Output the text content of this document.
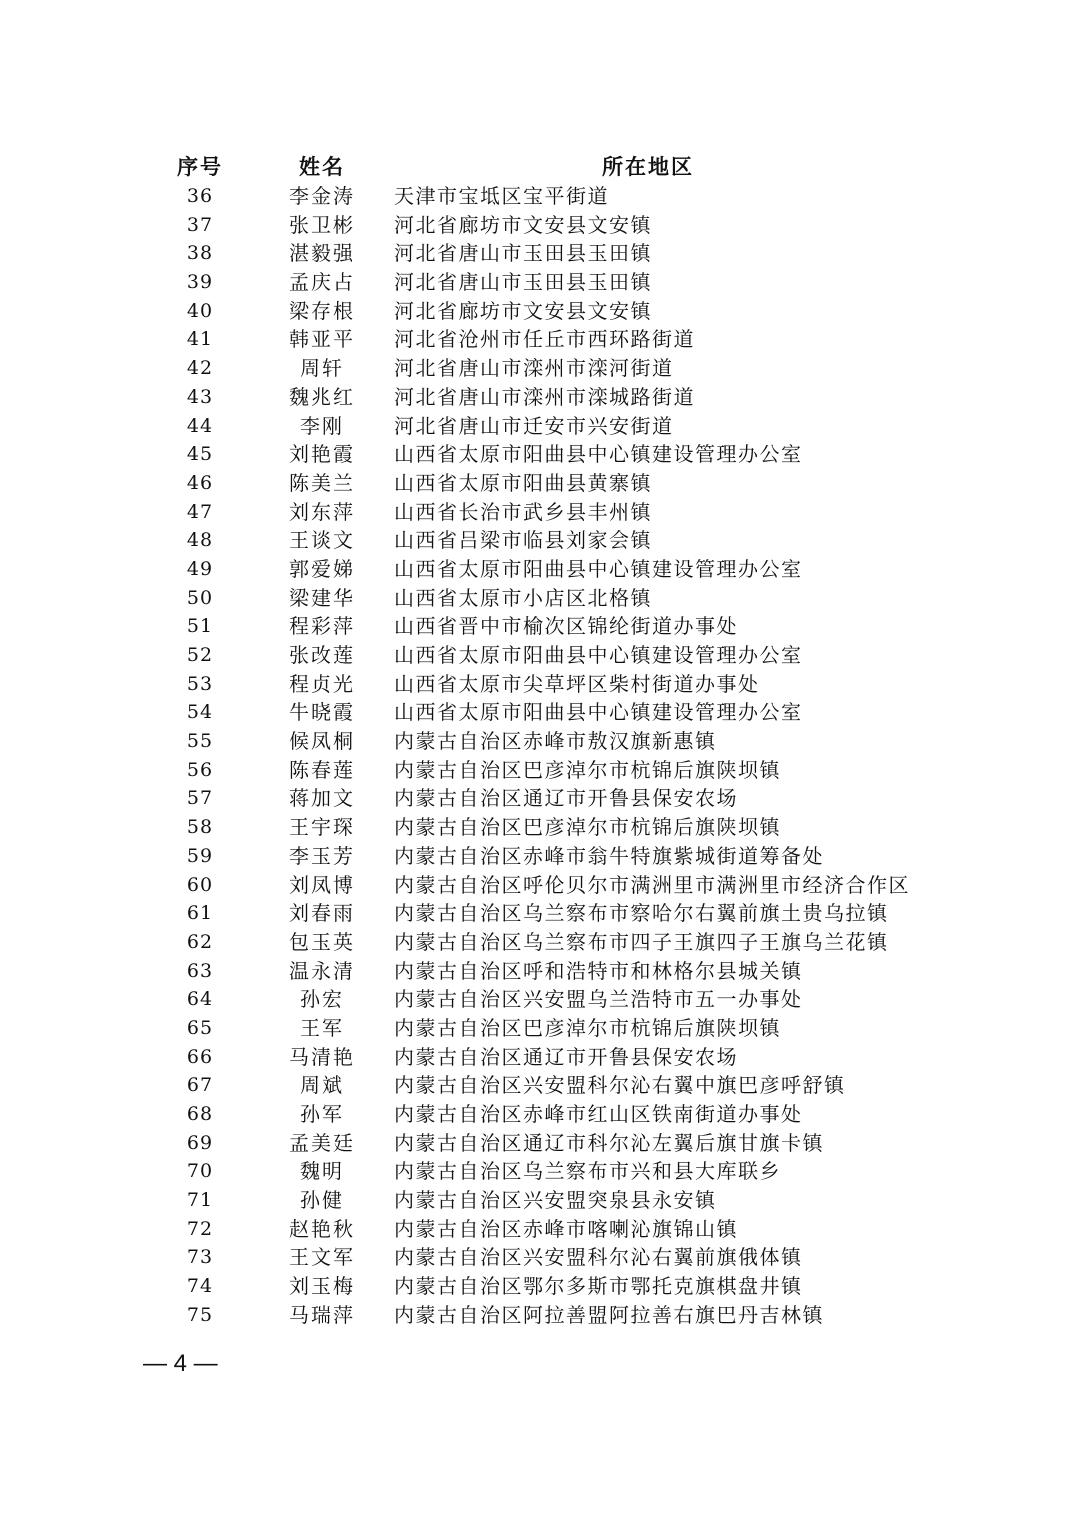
序号	姓名	所在地区
36	李金涛	天津市宝坻区宝平街道
37	张卫彬	河北省廊坊市文安县文安镇
38	湛毅强	河北省唐山市玉田县玉田镇
39	孟庆占	河北省唐山市玉田县玉田镇
40	梁存根	河北省廊坊市文安县文安镇
41	韩亚平	河北省沧州市任丘市西环路街道
42	周轩	河北省唐山市滦州市滦河街道
43	魏兆红	河北省唐山市滦州市滦城路街道
44	李刚	河北省唐山市迁安市兴安街道
45	刘艳霞	山西省太原市阳曲县中心镇建设管理办公室
46	陈美兰	山西省太原市阳曲县黄寨镇
47	刘东萍	山西省长治市武乡县丰州镇
48	王谈文	山西省吕梁市临县刘家会镇
49	郭爱娣	山西省太原市阳曲县中心镇建设管理办公室
50	梁建华	山西省太原市小店区北格镇
51	程彩萍	山西省晋中市榆次区锦纶街道办事处
52	张改莲	山西省太原市阳曲县中心镇建设管理办公室
53	程贞光	山西省太原市尖草坪区柴村街道办事处
54	牛晓霞	山西省太原市阳曲县中心镇建设管理办公室
55	候凤桐	内蒙古自治区赤峰市敖汉旗新惠镇
56	陈春莲	内蒙古自治区巴彦淖尔市杭锦后旗陕坝镇
57	蒋加文	内蒙古自治区通辽市开鲁县保安农场
58	王宇琛	内蒙古自治区巴彦淖尔市杭锦后旗陕坝镇
59	李玉芳	内蒙古自治区赤峰市翁牛特旗紫城街道筹备处
60	刘凤博	内蒙古自治区呼伦贝尔市满洲里市满洲里市经济合作区
61	刘春雨	内蒙古自治区乌兰察布市察哈尔右翼前旗土贵乌拉镇
62	包玉英	内蒙古自治区乌兰察布市四子王旗四子王旗乌兰花镇
63	温永清	内蒙古自治区呼和浩特市和林格尔县城关镇
64	孙宏	内蒙古自治区兴安盟乌兰浩特市五一办事处
65	王军	内蒙古自治区巴彦淖尔市杭锦后旗陕坝镇
66	马清艳	内蒙古自治区通辽市开鲁县保安农场
67	周斌	内蒙古自治区兴安盟科尔沁右翼中旗巴彦呼舒镇
68	孙军	内蒙古自治区赤峰市红山区铁南街道办事处
69	孟美廷	内蒙古自治区通辽市科尔沁左翼后旗甘旗卡镇
70	魏明	内蒙古自治区乌兰察布市兴和县大库联乡
71	孙健	内蒙古自治区兴安盟突泉县永安镇
72	赵艳秋	内蒙古自治区赤峰市喀喇沁旗锦山镇
73	王文军	内蒙古自治区兴安盟科尔沁右翼前旗俄体镇
74	刘玉梅	内蒙古自治区鄂尔多斯市鄂托克旗棋盘井镇
75	马瑞萍	内蒙古自治区阿拉善盟阿拉善右旗巴丹吉林镇
— 4 —
